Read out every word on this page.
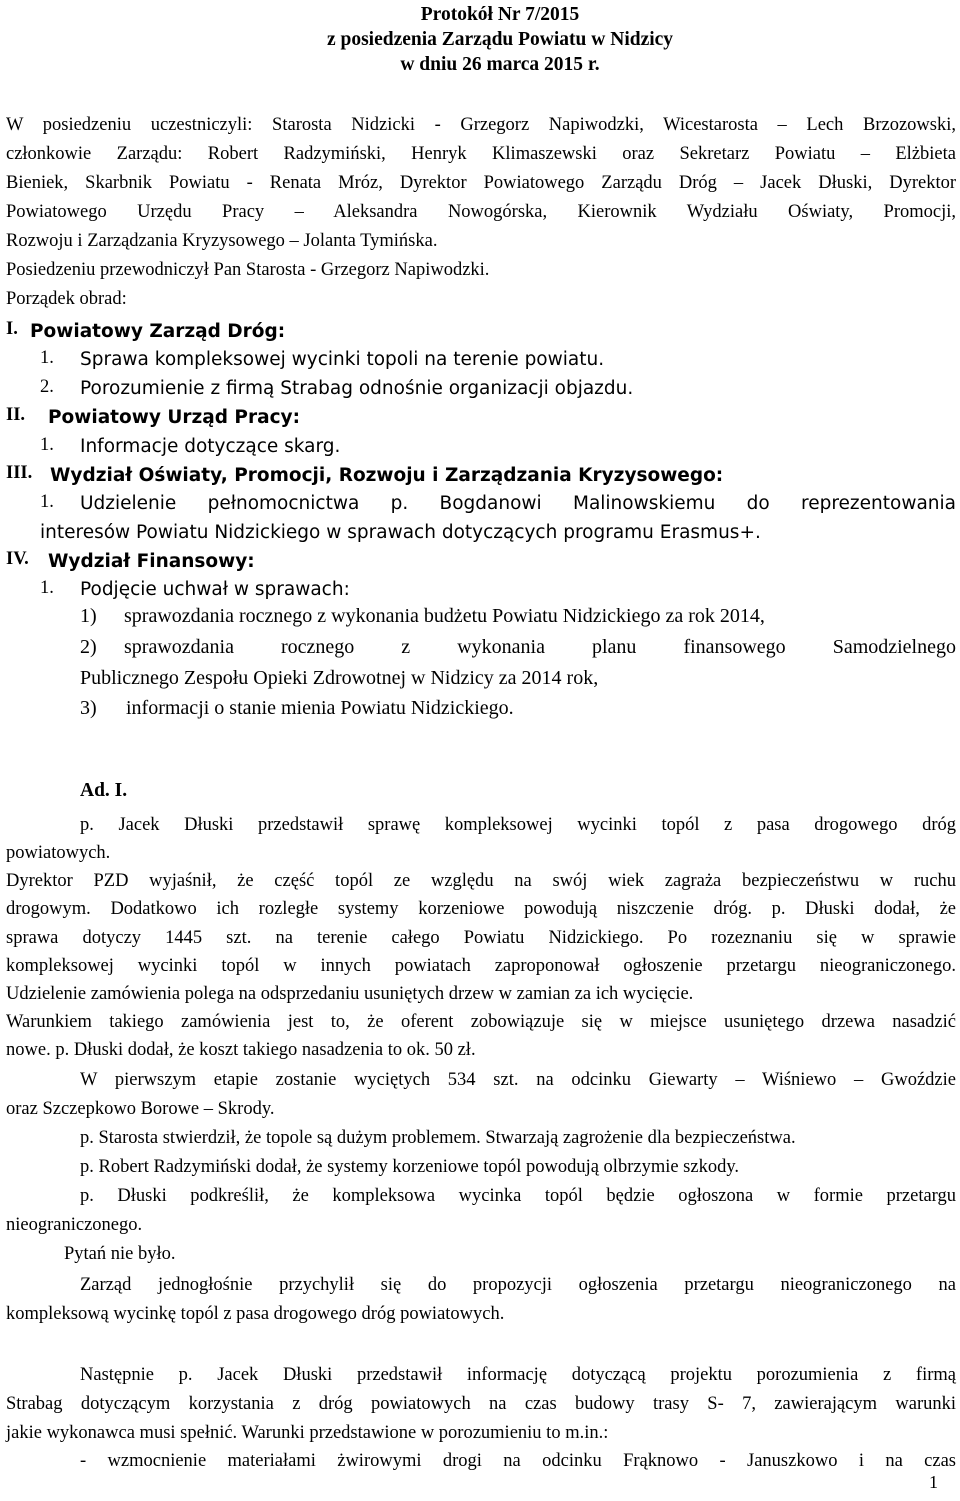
Protokół Nr 7/2015
z posiedzenia Zarządu Powiatu w Nidzicy
w dniu 26 marca 2015 r.
W posiedzeniu uczestniczyli: Starosta Nidzicki - Grzegorz Napiwodzki, Wicestarosta – Lech Brzozowski,
członkowie Zarządu: Robert Radzymiński, Henryk Klimaszewski oraz Sekretarz Powiatu – Elżbieta
Bieniek, Skarbnik Powiatu - Renata Mróz, Dyrektor Powiatowego Zarządu Dróg – Jacek Dłuski, Dyrektor
Powiatowego Urzędu Pracy – Aleksandra Nowogórska, Kierownik Wydziału Oświaty, Promocji,
Rozwoju i Zarządzania Kryzysowego – Jolanta Tymińska.
Posiedzeniu przewodniczył Pan Starosta - Grzegorz Napiwodzki.
Porządek obrad:
I. Powiatowy Zarząd Dróg:
1. Sprawa kompleksowej wycinki topoli na terenie powiatu.
2. Porozumienie z firmą Strabag odnośnie organizacji objazdu.
II. Powiatowy Urząd Pracy:
1. Informacje dotyczące skarg.
III. Wydział Oświaty, Promocji, Rozwoju i Zarządzania Kryzysowego:
1. Udzielenie pełnomocnictwa p. Bogdanowi Malinowskiemu do reprezentowania
interesów Powiatu Nidzickiego w sprawach dotyczących programu Erasmus+.
IV. Wydział Finansowy:
1. Podjęcie uchwał w sprawach:
1) sprawozdania rocznego z wykonania budżetu Powiatu Nidzickiego za rok 2014,
2) sprawozdania rocznego z wykonania planu finansowego Samodzielnego
Publicznego Zespołu Opieki Zdrowotnej w Nidzicy za 2014 rok,
3) informacji o stanie mienia Powiatu Nidzickiego.
Ad. I.
p. Jacek Dłuski przedstawił sprawę kompleksowej wycinki topól z pasa drogowego dróg
powiatowych.
Dyrektor PZD wyjaśnił, że część topól ze względu na swój wiek zagraża bezpieczeństwu w ruchu
drogowym. Dodatkowo ich rozległe systemy korzeniowe powodują niszczenie dróg. p. Dłuski dodał, że
sprawa dotyczy 1445 szt. na terenie całego Powiatu Nidzickiego. Po rozeznaniu się w sprawie
kompleksowej wycinki topól w innych powiatach zaproponował ogłoszenie przetargu nieograniczonego.
Udzielenie zamówienia polega na odsprzedaniu usuniętych drzew w zamian za ich wycięcie.
Warunkiem takiego zamówienia jest to, że oferent zobowiązuje się w miejsce usuniętego drzewa nasadzić
nowe. p. Dłuski dodał, że koszt takiego nasadzenia to ok. 50 zł.
W pierwszym etapie zostanie wyciętych 534 szt. na odcinku Giewarty – Wiśniewo – Gwoździe
oraz Szczepkowo Borowe – Skrody.
p. Starosta stwierdził, że topole są dużym problemem. Stwarzają zagrożenie dla bezpieczeństwa.
p. Robert Radzymiński dodał, że systemy korzeniowe topól powodują olbrzymie szkody.
p. Dłuski podkreślił, że kompleksowa wycinka topól będzie ogłoszona w formie przetargu
nieograniczonego.
Pytań nie było.
Zarząd jednogłośnie przychylił się do propozycji ogłoszenia przetargu nieograniczonego na
kompleksową wycinkę topól z pasa drogowego dróg powiatowych.
Następnie p. Jacek Dłuski przedstawił informację dotyczącą projektu porozumienia z firmą
Strabag dotyczącym korzystania z dróg powiatowych na czas budowy trasy S- 7, zawierającym warunki
jakie wykonawca musi spełnić. Warunki przedstawione w porozumieniu to m.in.:
- wzmocnienie materiałami żwirowymi drogi na odcinku Frąknowo - Januszkowo i na czas
1
